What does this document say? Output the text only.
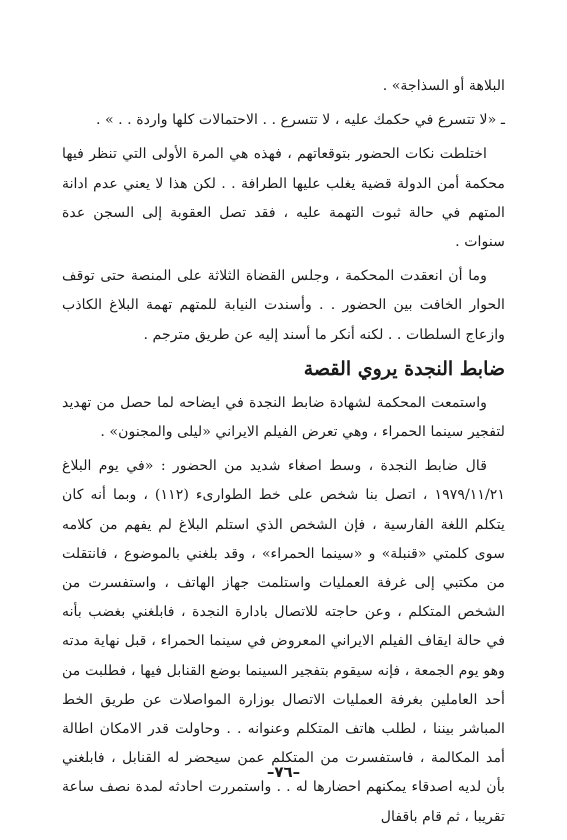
البلاهة أو السذاجة» .

ـ «لا تتسرع في حكمك عليه ، لا تتسرع . . الاحتمالات كلها واردة . . » .

اختلطت نكات الحضور بتوقعاتهم ، فهذه هي المرة الأولى التي تنظر فيها محكمة أمن الدولة قضية يغلب عليها الطرافة . . لكن هذا لا يعني عدم ادانة المتهم في حالة ثبوت التهمة عليه ، فقد تصل العقوبة إلى السجن عدة سنوات .

وما أن انعقدت المحكمة ، وجلس القضاة الثلاثة على المنصة حتى توقف الحوار الخافت بين الحضور . . وأسندت النيابة للمتهم تهمة البلاغ الكاذب وازعاج السلطات . . لكنه أنكر ما أسند إليه عن طريق مترجم .

ضابط النجدة يروي القصة

واستمعت المحكمة لشهادة ضابط النجدة في ايضاحه لما حصل من تهديد لتفجير سينما الحمراء ، وهي تعرض الفيلم الايراني «ليلى والمجنون» .

قال ضابط النجدة ، وسط اصغاء شديد من الحضور : «في يوم البلاغ ١٩٧٩/١١/٢١ ، اتصل بنا شخص على خط الطوارىء (١١٢) ، وبما أنه كان يتكلم اللغة الفارسية ، فإن الشخص الذي استلم البلاغ لم يفهم من كلامه سوى كلمتي «قنبلة» و «سينما الحمراء» ، وقد بلغني بالموضوع ، فانتقلت من مكتبي إلى غرفة العمليات واستلمت جهاز الهاتف ، واستفسرت من الشخص المتكلم ، وعن حاجته للاتصال بادارة النجدة ، فابلغني بغضب بأنه في حالة ايقاف الفيلم الايراني المعروض في سينما الحمراء ، قبل نهاية مدته وهو يوم الجمعة ، فإنه سيقوم بتفجير السينما بوضع القنابل فيها ، فطلبت من أحد العاملين بغرفة العمليات الاتصال بوزارة المواصلات عن طريق الخط المباشر بيننا ، لطلب هاتف المتكلم وعنوانه . . وحاولت قدر الامكان اطالة أمد المكالمة ، فاستفسرت من المتكلم عمن سيحضر له القنابل ، فابلغني بأن لديه اصدقاء يمكنهم احضارها له . . واستمررت احادثه لمدة نصف ساعة تقريبا ، ثم قام باقفال

–٧٦–
